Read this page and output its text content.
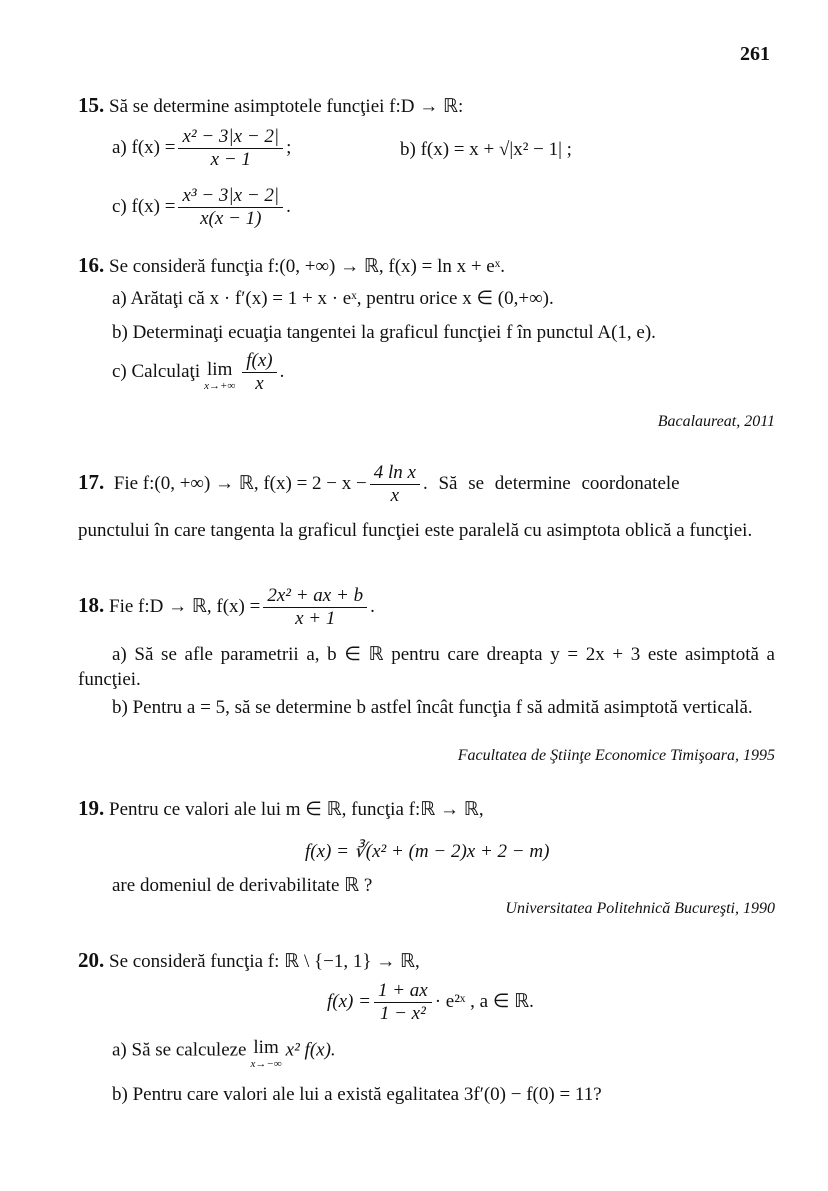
261
15. Să se determine asimptotele funcţiei f:D → ℝ:
a) $f(x) = \frac{\text{x² − 3|x − 2|}}{x - 1}$ ;	b) f(x) = x + √|x² − 1| ;
c) $f(x) = \frac{\text{x³ − 3|x − 2|}}{x(x - 1)}$ .
16. Se consideră funcţia f:(0, +∞) → ℝ, f(x) = ln x + eˣ.
a) Arătaţi că x · f′(x) = 1 + x · eˣ, pentru orice x ∈ (0,+∞).
b) Determinaţi ecuaţia tangentei la graficul funcţiei f în punctul A(1, e).
c) Calculaţi lim
$x\to+\infty \frac{f(x)}{x}$ .
Bacalaureat, 2011
17. Fie f:(0, +∞) → ℝ, $f(x) = 2 - x - \frac{\text{4 ln x}}{x}$ . Să se determine coordonatele
punctului în care tangenta la graficul funcţiei este paralelă cu asimptota oblică a funcţiei.
18. Fie f:D → ℝ, $f(x) = \frac{\text{2x² + ax + b}}{x + 1}$ .
a) Să se afle parametrii a, b ∈ ℝ pentru care dreapta y = 2x + 3 este asimptotă a funcţiei.
b) Pentru a = 5, să se determine b astfel încât funcţia f să admită asimptotă verticală.
Facultatea de Ştiinţe Economice Timişoara, 1995
19. Pentru ce valori ale lui m ∈ ℝ, funcţia f:ℝ → ℝ,
f(x) = ∛(x² + (m − 2)x + 2 − m)
are domeniul de derivabilitate ℝ ?
Universitatea Politehnică Bucureşti, 1990
20. Se consideră funcţia f: ℝ \ {−1, 1} → ℝ,
$f(x) = \frac{1 + ax}{\text{1 − x²}}$ · e²ˣ , a ∈ ℝ.
a) Să se calculeze lim
x→−∞
x² f(x).
b) Pentru care valori ale lui a există egalitatea 3f′(0) − f(0) = 11?
